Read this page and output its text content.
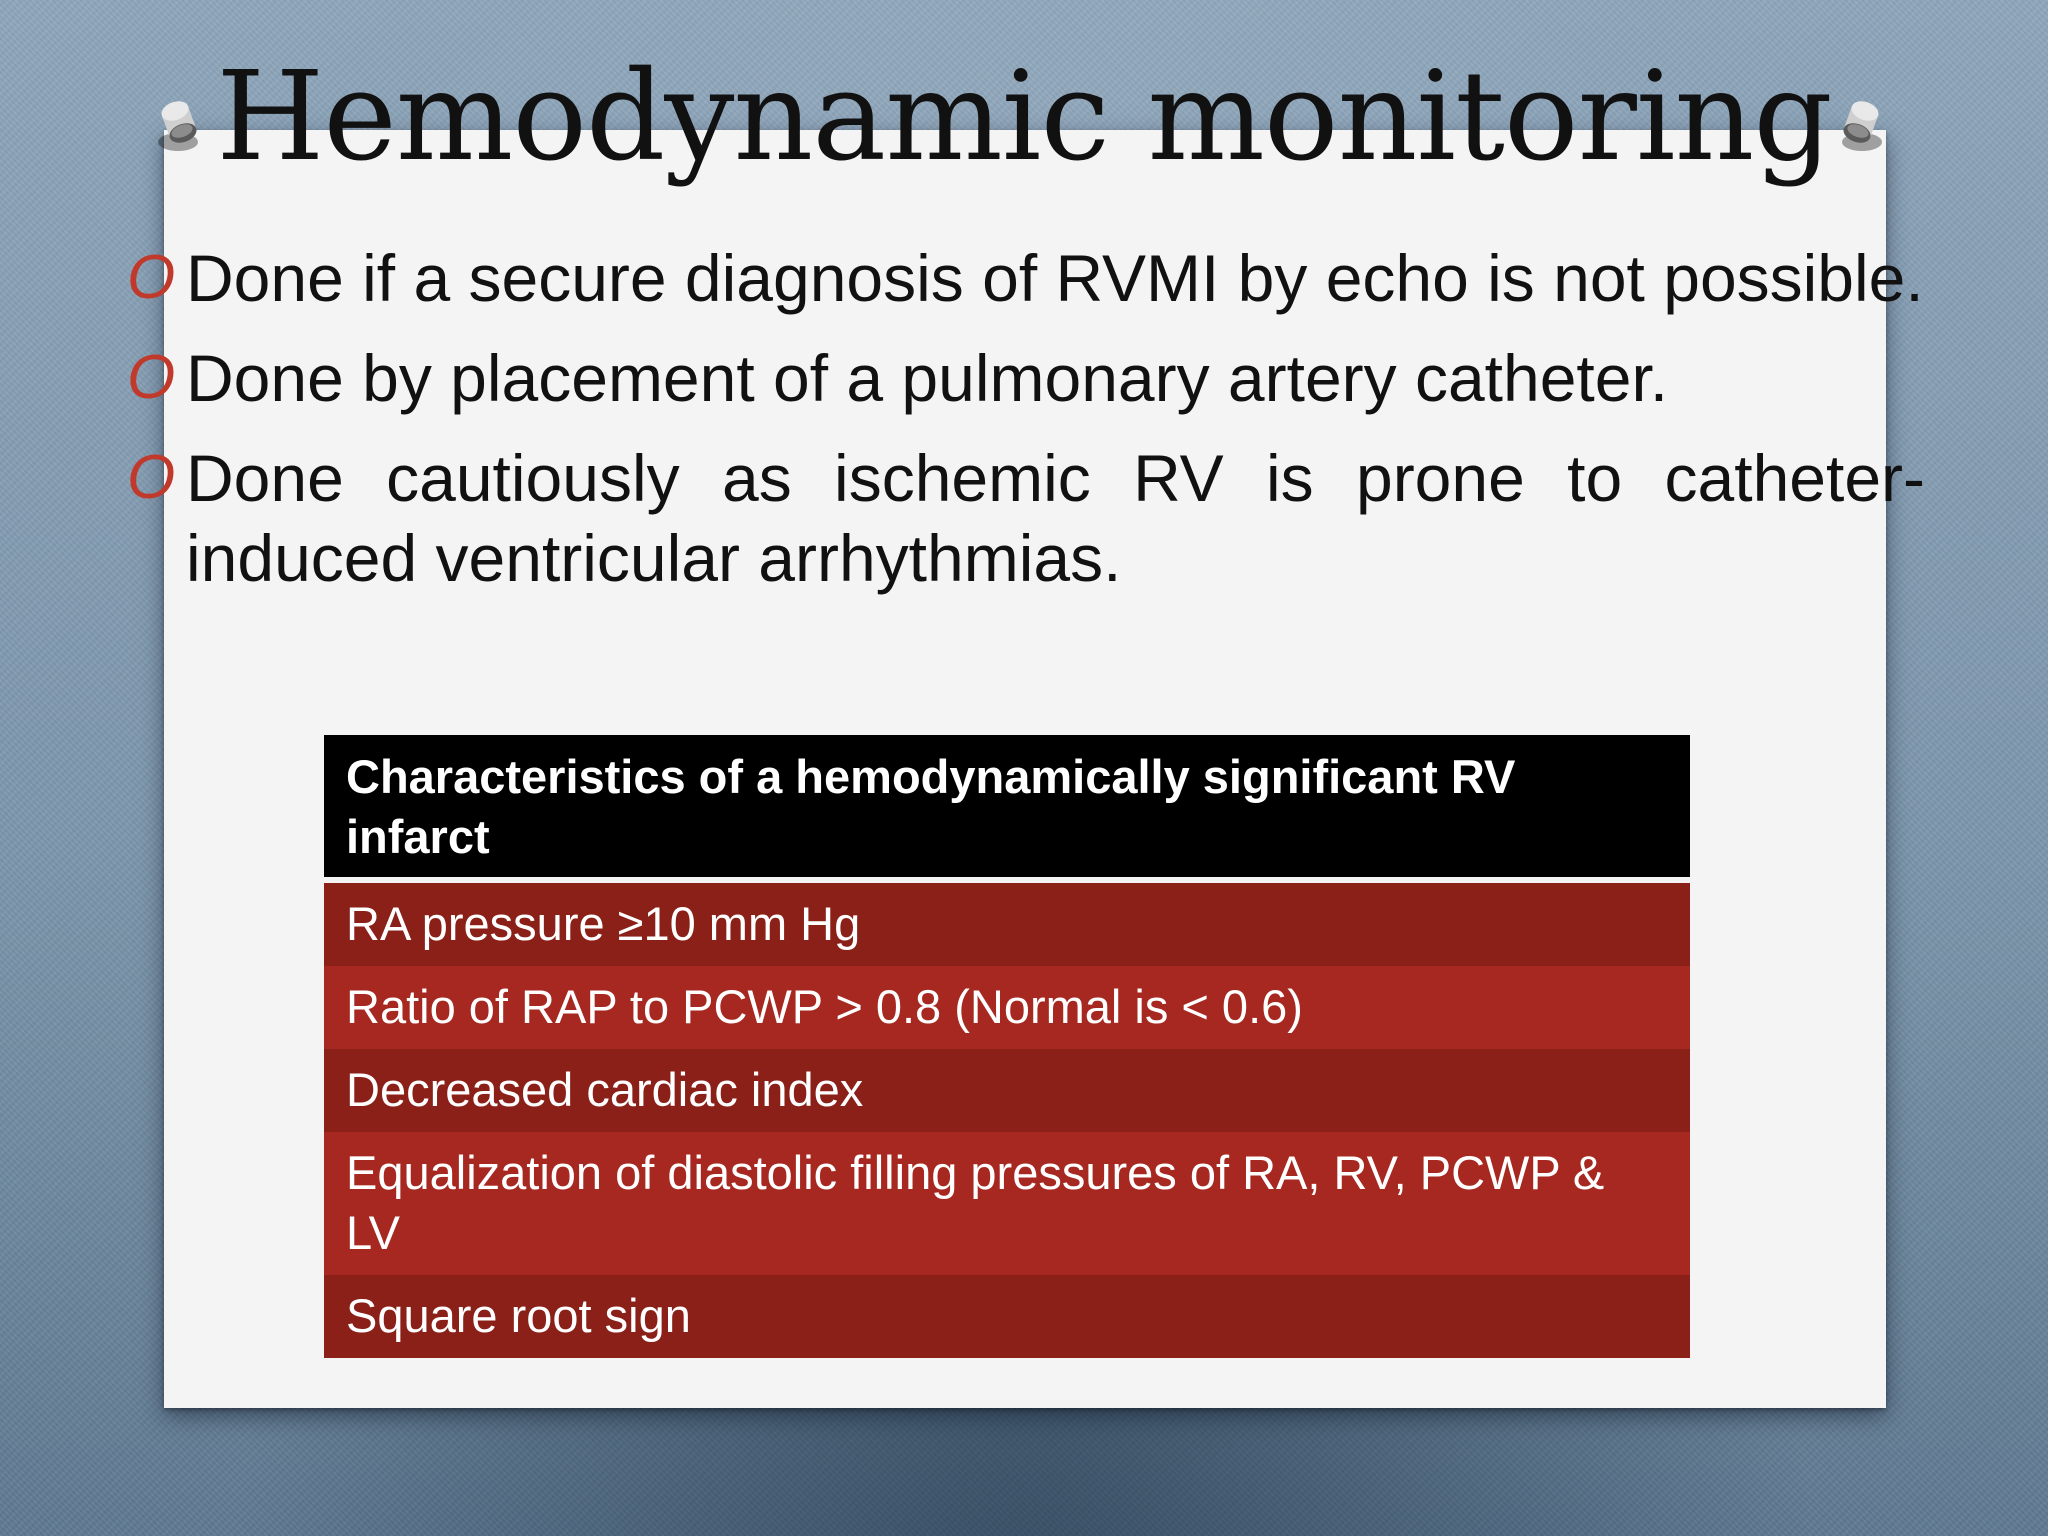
Hemodynamic monitoring
O Done if a secure diagnosis of RVMI by echo is not possible.
O Done by placement of a pulmonary artery catheter.
O Done cautiously as ischemic RV is prone to catheter-induced ventricular arrhythmias.
Characteristics of a hemodynamically significant RV infarct
RA pressure ≥10 mm Hg
Ratio of RAP to PCWP > 0.8 (Normal is < 0.6)
Decreased cardiac index
Equalization of diastolic filling pressures of RA, RV, PCWP & LV
Square root sign
